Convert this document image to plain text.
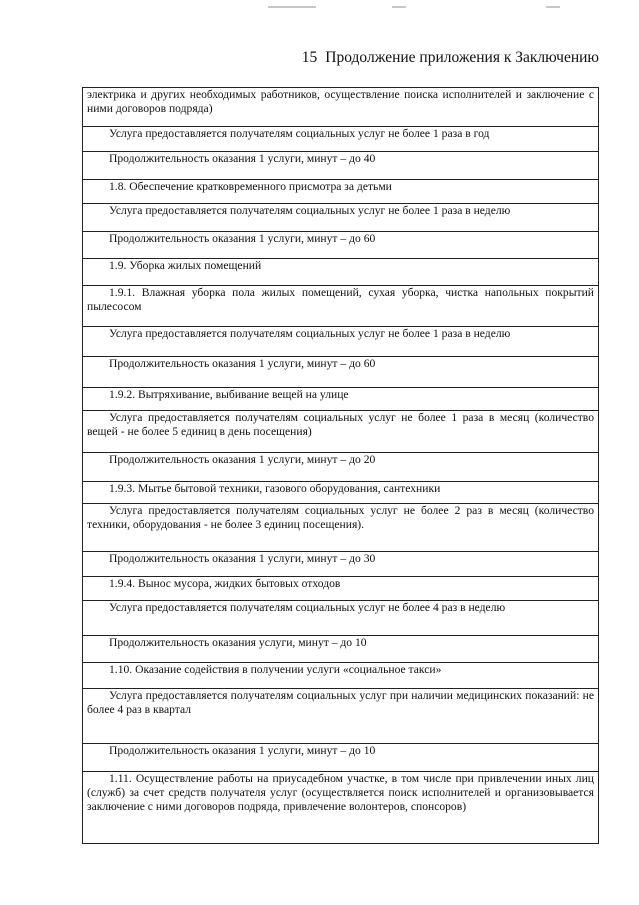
15 Продолжение приложения к Заключению
электрика и других необходимых работников, осуществление поиска исполнителей и заключение с ними договоров подряда)

Услуга предоставляется получателям социальных услуг не более 1 раза в год

Продолжительность оказания 1 услуги, минут – до 40

1.8. Обеспечение кратковременного присмотра за детьми

Услуга предоставляется получателям социальных услуг не более 1 раза в неделю

Продолжительность оказания 1 услуги, минут – до 60

1.9. Уборка жилых помещений

1.9.1. Влажная уборка пола жилых помещений, сухая уборка, чистка напольных покрытий пылесосом

Услуга предоставляется получателям социальных услуг не более 1 раза в неделю

Продолжительность оказания 1 услуги, минут – до 60

1.9.2. Вытряхивание, выбивание вещей на улице

Услуга предоставляется получателям социальных услуг не более 1 раза в месяц (количество вещей - не более 5 единиц в день посещения)

Продолжительность оказания 1 услуги, минут – до 20

1.9.3. Мытье бытовой техники, газового оборудования, сантехники

Услуга предоставляется получателям социальных услуг не более 2 раз в месяц (количество техники, оборудования - не более 3 единиц посещения).

Продолжительность оказания 1 услуги, минут – до 30

1.9.4. Вынос мусора, жидких бытовых отходов

Услуга предоставляется получателям социальных услуг не более 4 раз в неделю

Продолжительность оказания услуги, минут – до 10

1.10. Оказание содействия в получении услуги «социальное такси»

Услуга предоставляется получателям социальных услуг при наличии медицинских показаний: не более 4 раз в квартал

Продолжительность оказания 1 услуги, минут – до 10

1.11. Осуществление работы на приусадебном участке, в том числе при привлечении иных лиц (служб) за счет средств получателя услуг (осуществляется поиск исполнителей и организовывается заключение с ними договоров подряда, привлечение волонтеров, спонсоров)
